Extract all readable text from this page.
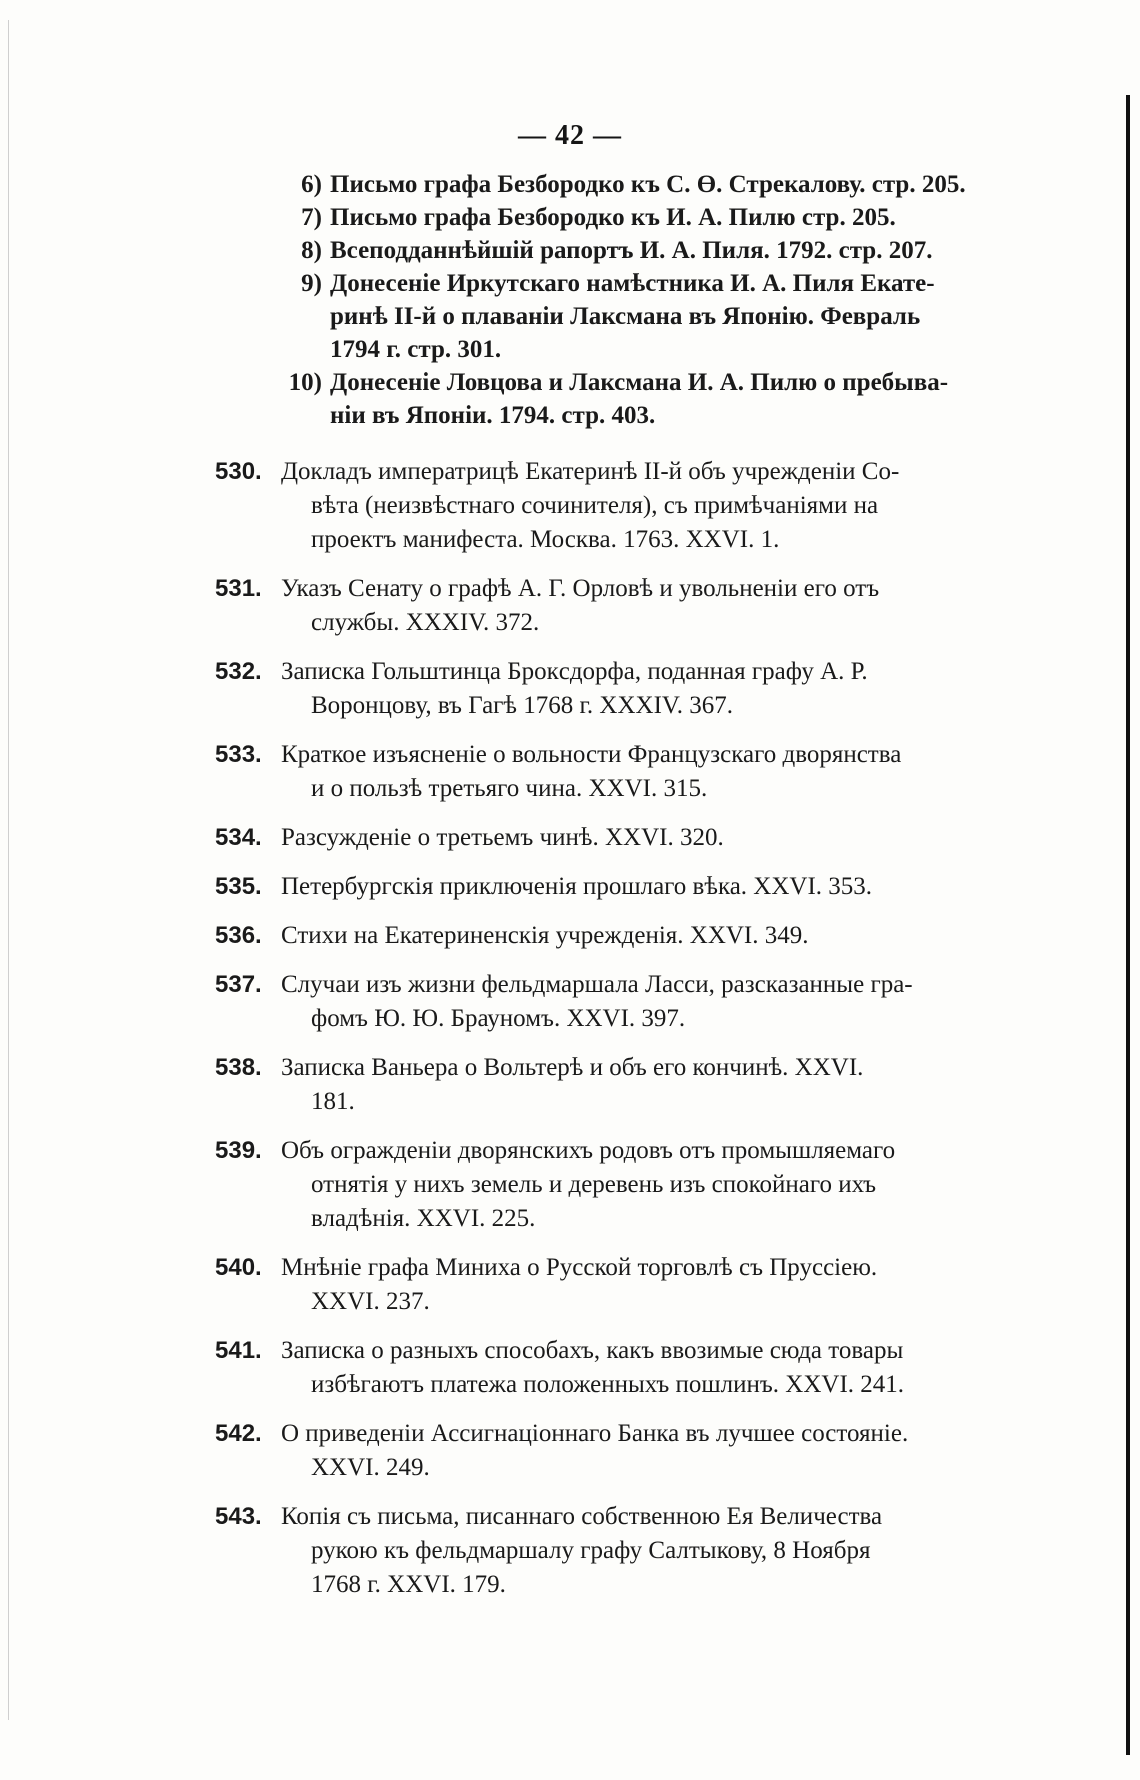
— 42 —
6) Письмо графа Безбородко къ С. Ө. Стрекалову. стр. 205.
7) Письмо графа Безбородко къ И. А. Пилю стр. 205.
8) Всеподданнѣйшій рапортъ И. А. Пиля. 1792. стр. 207.
9) Донесеніе Иркутскаго намѣстника И. А. Пиля Екате-
ринѣ II-й о плаваніи Лаксмана въ Японію. Февраль
1794 г. стр. 301.
10) Донесеніе Ловцова и Лаксмана И. А. Пилю о пребыва-
ніи въ Японіи. 1794. стр. 403.
530. Докладъ императрицѣ Екатеринѣ II-й объ учрежденіи Со-
вѣта (неизвѣстнаго сочинителя), съ примѣчаніями на
проектъ манифеста. Москва. 1763. XXVI. 1.
531. Указъ Сенату о графѣ А. Г. Орловѣ и увольненіи его отъ
службы. XXXIV. 372.
532. Записка Гольштинца Брокcдорфа, поданная графу А. Р.
Воронцову, въ Гагѣ 1768 г. XXXIV. 367.
533. Краткое изъясненіе о вольности Французскаго дворянства
и о пользѣ третьяго чина. XXVI. 315.
534. Разсужденіе о третьемъ чинѣ. XXVI. 320.
535. Петербургскія приключенія прошлаго вѣка. XXVI. 353.
536. Стихи на Екатериненскія учрежденія. XXVI. 349.
537. Случаи изъ жизни фельдмаршала Ласси, разсказанные гра-
фомъ Ю. Ю. Брауномъ. XXVI. 397.
538. Записка Ваньера о Вольтерѣ и объ его кончинѣ. XXVI.
181.
539. Объ огражденіи дворянскихъ родовъ отъ промышляемаго
отнятія у нихъ земель и деревень изъ спокойнаго ихъ
владѣнія. XXVI. 225.
540. Мнѣніе графа Миниха о Русской торговлѣ съ Пруссіею.
XXVI. 237.
541. Записка о разныхъ способахъ, какъ ввозимые сюда товары
избѣгаютъ платежа положенныхъ пошлинъ. XXVI. 241.
542. О приведеніи Ассигнаціоннаго Банка въ лучшее состояніе.
XXVI. 249.
543. Копія съ письма, писаннаго собственною Ея Величества
рукою къ фельдмаршалу графу Салтыкову, 8 Ноября
1768 г. XXVI. 179.
